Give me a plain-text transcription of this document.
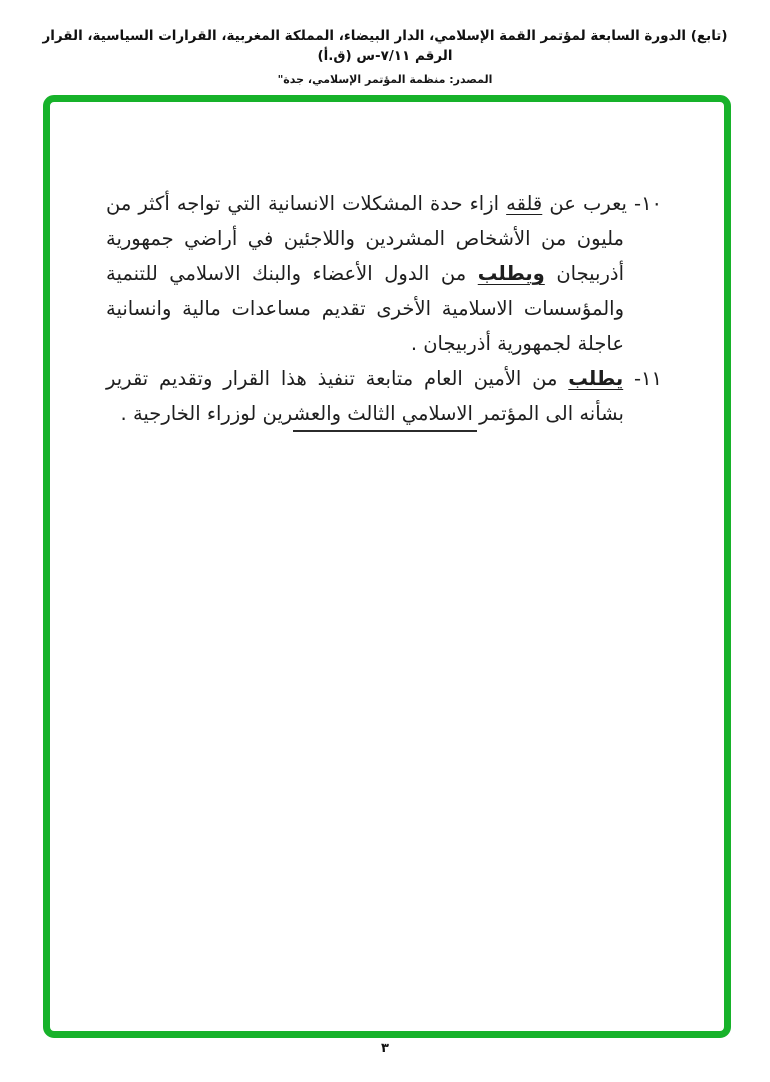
(تابع) الدورة السابعة لمؤتمر القمة الإسلامي، الدار البيضاء، المملكة المغربية، القرارات السياسية، القرار الرقم ٧/١١-س (ق.أ)
المصدر: منظمة المؤتمر الإسلامي، جدة"

١٠- يعرب عن قلقه ازاء حدة المشكلات الانسانية التي تواجه أكثر من مليون من الأشخاص المشردين واللاجئين في أراضي جمهورية أذربيجان ويطلب من الدول الأعضاء والبنك الاسلامي للتنمية والمؤسسات الاسلامية الأخرى تقديم مساعدات مالية وانسانية عاجلة لجمهورية أذربيجان .

١١- يطلب من الأمين العام متابعة تنفيذ هذا القرار وتقديم تقرير بشأنه الى المؤتمر الاسلامي الثالث والعشرين لوزراء الخارجية .

٣
